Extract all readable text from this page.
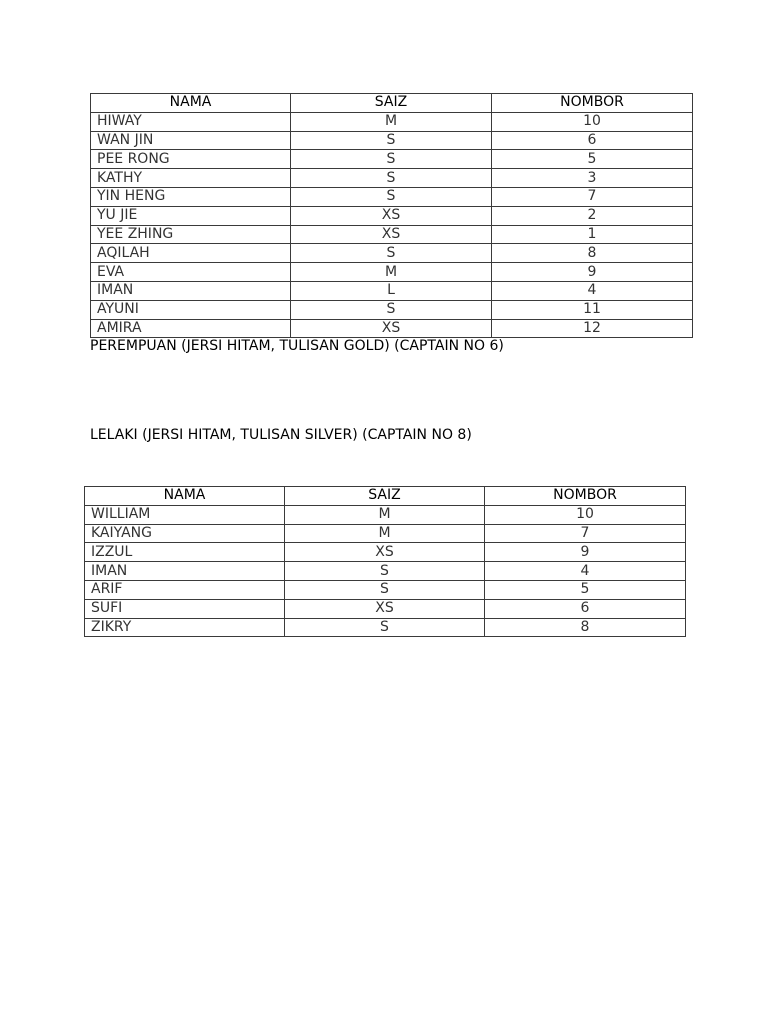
NAMA	SAIZ	NOMBOR
HIWAY	M	10
WAN JIN	S	6
PEE RONG	S	5
KATHY	S	3
YIN HENG	S	7
YU JIE	XS	2
YEE ZHING	XS	1
AQILAH	S	8
EVA	M	9
IMAN	L	4
AYUNI	S	11
AMIRA	XS	12
PEREMPUAN (JERSI HITAM, TULISAN GOLD) (CAPTAIN NO 6)
LELAKI (JERSI HITAM, TULISAN SILVER) (CAPTAIN NO 8)
NAMA	SAIZ	NOMBOR
WILLIAM	M	10
KAIYANG	M	7
IZZUL	XS	9
IMAN	S	4
ARIF	S	5
SUFI	XS	6
ZIKRY	S	8
